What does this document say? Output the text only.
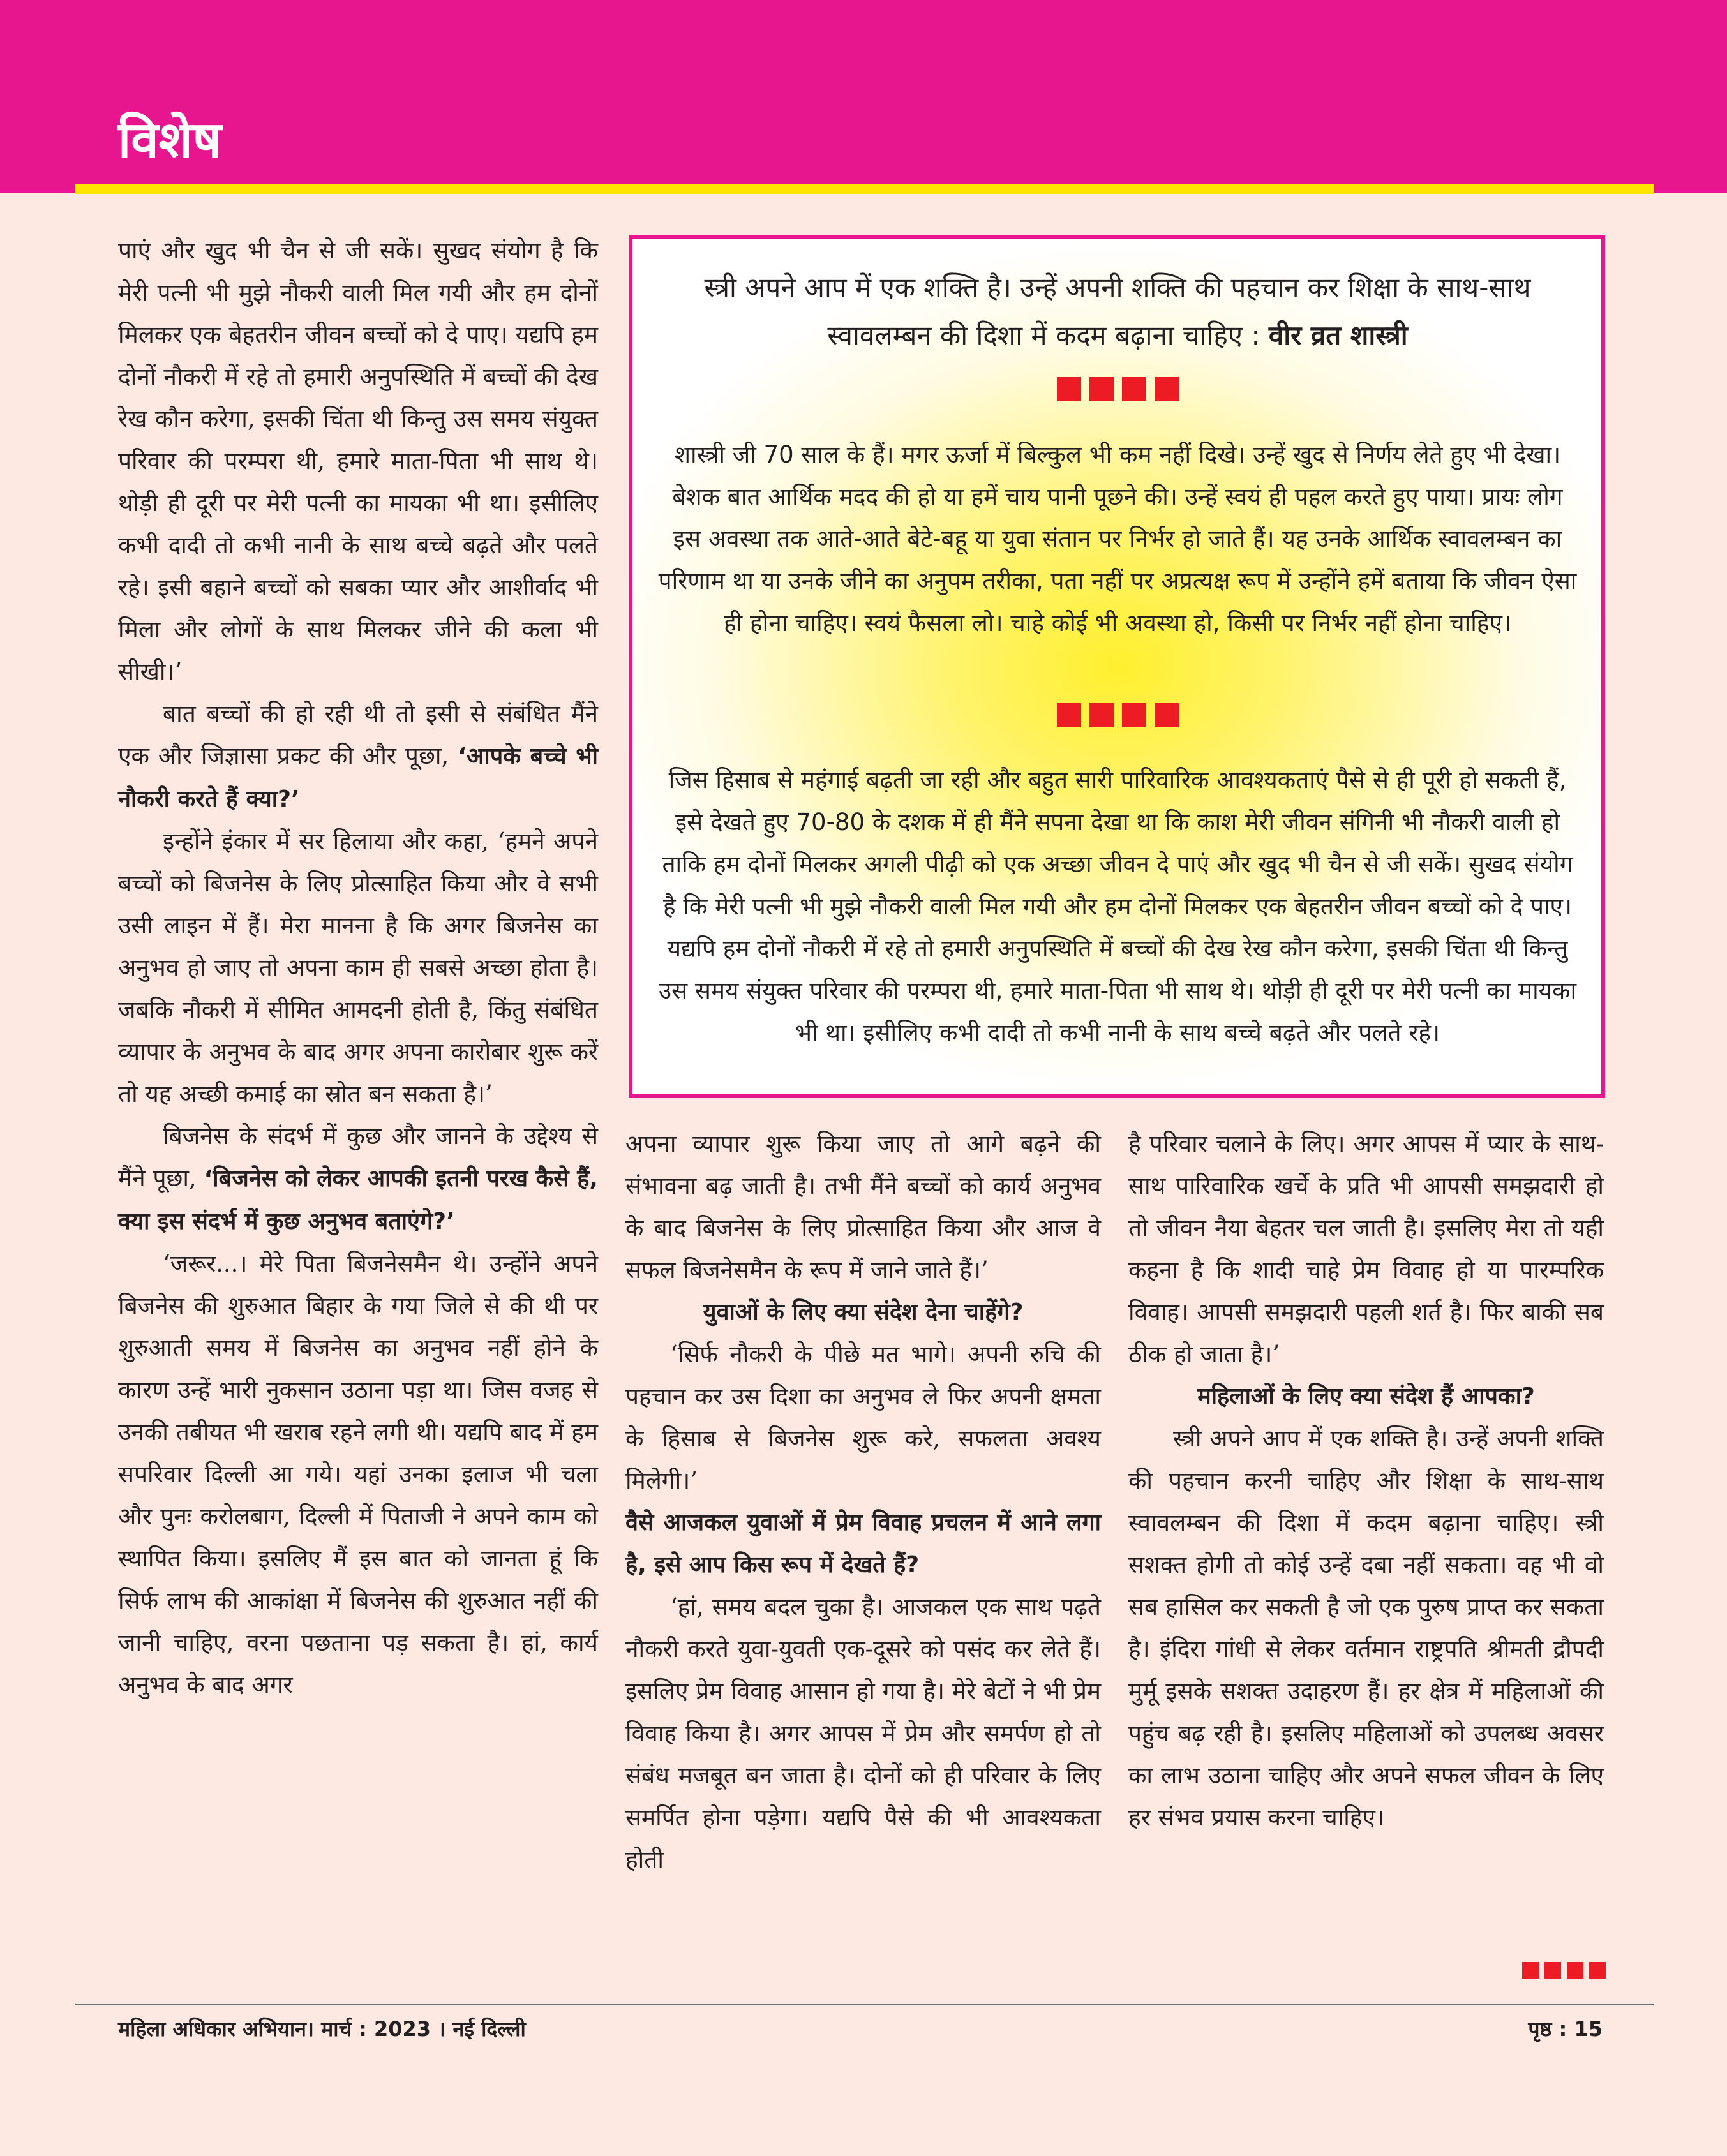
विशेष

पाएं और खुद भी चैन से जी सकें। सुखद संयोग है कि मेरी पत्नी भी मुझे नौकरी वाली मिल गयी और हम दोनों मिलकर एक बेहतरीन जीवन बच्चों को दे पाए। यद्यपि हम दोनों नौकरी में रहे तो हमारी अनुपस्थिति में बच्चों की देख रेख कौन करेगा, इसकी चिंता थी किन्तु उस समय संयुक्त परिवार की परम्परा थी, हमारे माता-पिता भी साथ थे। थोड़ी ही दूरी पर मेरी पत्नी का मायका भी था। इसीलिए कभी दादी तो कभी नानी के साथ बच्चे बढ़ते और पलते रहे। इसी बहाने बच्चों को सबका प्यार और आशीर्वाद भी मिला और लोगों के साथ मिलकर जीने की कला भी सीखी।’

बात बच्चों की हो रही थी तो इसी से संबंधित मैंने एक और जिज्ञासा प्रकट की और पूछा, ‘आपके बच्चे भी नौकरी करते हैं क्या?’

इन्होंने इंकार में सर हिलाया और कहा, ‘हमने अपने बच्चों को बिजनेस के लिए प्रोत्साहित किया और वे सभी उसी लाइन में हैं। मेरा मानना है कि अगर बिजनेस का अनुभव हो जाए तो अपना काम ही सबसे अच्छा होता है। जबकि नौकरी में सीमित आमदनी होती है, किंतु संबंधित व्यापार के अनुभव के बाद अगर अपना कारोबार शुरू करें तो यह अच्छी कमाई का स्रोत बन सकता है।’

बिजनेस के संदर्भ में कुछ और जानने के उद्देश्य से मैंने पूछा, ‘बिजनेस को लेकर आपकी इतनी परख कैसे हैं, क्या इस संदर्भ में कुछ अनुभव बताएंगे?’

‘जरूर...। मेरे पिता बिजनेसमैन थे। उन्होंने अपने बिजनेस की शुरुआत बिहार के गया जिले से की थी पर शुरुआती समय में बिजनेस का अनुभव नहीं होने के कारण उन्हें भारी नुकसान उठाना पड़ा था। जिस वजह से उनकी तबीयत भी खराब रहने लगी थी। यद्यपि बाद में हम सपरिवार दिल्ली आ गये। यहां उनका इलाज भी चला और पुनः करोलबाग, दिल्ली में पिताजी ने अपने काम को स्थापित किया। इसलिए मैं इस बात को जानता हूं कि सिर्फ लाभ की आकांक्षा में बिजनेस की शुरुआत नहीं की जानी चाहिए, वरना पछताना पड़ सकता है। हां, कार्य अनुभव के बाद अगर

स्त्री अपने आप में एक शक्ति है। उन्हें अपनी शक्ति की पहचान कर शिक्षा के साथ-साथ स्वावलम्बन की दिशा में कदम बढ़ाना चाहिए : वीर व्रत शास्त्री
शास्त्री जी 70 साल के हैं। मगर ऊर्जा में बिल्कुल भी कम नहीं दिखे। उन्हें खुद से निर्णय लेते हुए भी देखा। बेशक बात आर्थिक मदद की हो या हमें चाय पानी पूछने की। उन्हें स्वयं ही पहल करते हुए पाया। प्रायः लोग इस अवस्था तक आते-आते बेटे-बहू या युवा संतान पर निर्भर हो जाते हैं। यह उनके आर्थिक स्वावलम्बन का परिणाम था या उनके जीने का अनुपम तरीका, पता नहीं पर अप्रत्यक्ष रूप में उन्होंने हमें बताया कि जीवन ऐसा ही होना चाहिए। स्वयं फैसला लो। चाहे कोई भी अवस्था हो, किसी पर निर्भर नहीं होना चाहिए।
जिस हिसाब से महंगाई बढ़ती जा रही और बहुत सारी पारिवारिक आवश्यकताएं पैसे से ही पूरी हो सकती हैं, इसे देखते हुए 70-80 के दशक में ही मैंने सपना देखा था कि काश मेरी जीवन संगिनी भी नौकरी वाली हो ताकि हम दोनों मिलकर अगली पीढ़ी को एक अच्छा जीवन दे पाएं और खुद भी चैन से जी सकें। सुखद संयोग है कि मेरी पत्नी भी मुझे नौकरी वाली मिल गयी और हम दोनों मिलकर एक बेहतरीन जीवन बच्चों को दे पाए। यद्यपि हम दोनों नौकरी में रहे तो हमारी अनुपस्थिति में बच्चों की देख रेख कौन करेगा, इसकी चिंता थी किन्तु उस समय संयुक्त परिवार की परम्परा थी, हमारे माता-पिता भी साथ थे। थोड़ी ही दूरी पर मेरी पत्नी का मायका भी था। इसीलिए कभी दादी तो कभी नानी के साथ बच्चे बढ़ते और पलते रहे।

अपना व्यापार शुरू किया जाए तो आगे बढ़ने की संभावना बढ़ जाती है। तभी मैंने बच्चों को कार्य अनुभव के बाद बिजनेस के लिए प्रोत्साहित किया और आज वे सफल बिजनेसमैन के रूप में जाने जाते हैं।’

युवाओं के लिए क्या संदेश देना चाहेंगे?

‘सिर्फ नौकरी के पीछे मत भागे। अपनी रुचि की पहचान कर उस दिशा का अनुभव ले फिर अपनी क्षमता के हिसाब से बिजनेस शुरू करे, सफलता अवश्य मिलेगी।’

वैसे आजकल युवाओं में प्रेम विवाह प्रचलन में आने लगा है, इसे आप किस रूप में देखते हैं?

‘हां, समय बदल चुका है। आजकल एक साथ पढ़ते नौकरी करते युवा-युवती एक-दूसरे को पसंद कर लेते हैं। इसलिए प्रेम विवाह आसान हो गया है। मेरे बेटों ने भी प्रेम विवाह किया है। अगर आपस में प्रेम और समर्पण हो तो संबंध मजबूत बन जाता है। दोनों को ही परिवार के लिए समर्पित होना पड़ेगा। यद्यपि पैसे की भी आवश्यकता होती

है परिवार चलाने के लिए। अगर आपस में प्यार के साथ-साथ पारिवारिक खर्चे के प्रति भी आपसी समझदारी हो तो जीवन नैया बेहतर चल जाती है। इसलिए मेरा तो यही कहना है कि शादी चाहे प्रेम विवाह हो या पारम्परिक विवाह। आपसी समझदारी पहली शर्त है। फिर बाकी सब ठीक हो जाता है।’

महिलाओं के लिए क्या संदेश हैं आपका?

स्त्री अपने आप में एक शक्ति है। उन्हें अपनी शक्ति की पहचान करनी चाहिए और शिक्षा के साथ-साथ स्वावलम्बन की दिशा में कदम बढ़ाना चाहिए। स्त्री सशक्त होगी तो कोई उन्हें दबा नहीं सकता। वह भी वो सब हासिल कर सकती है जो एक पुरुष प्राप्त कर सकता है। इंदिरा गांधी से लेकर वर्तमान राष्ट्रपति श्रीमती द्रौपदी मुर्मू इसके सशक्त उदाहरण हैं। हर क्षेत्र में महिलाओं की पहुंच बढ़ रही है। इसलिए महिलाओं को उपलब्ध अवसर का लाभ उठाना चाहिए और अपने सफल जीवन के लिए हर संभव प्रयास करना चाहिए।

महिला अधिकार अभियान। मार्च : 2023 । नई दिल्ली	पृष्ठ : 15
